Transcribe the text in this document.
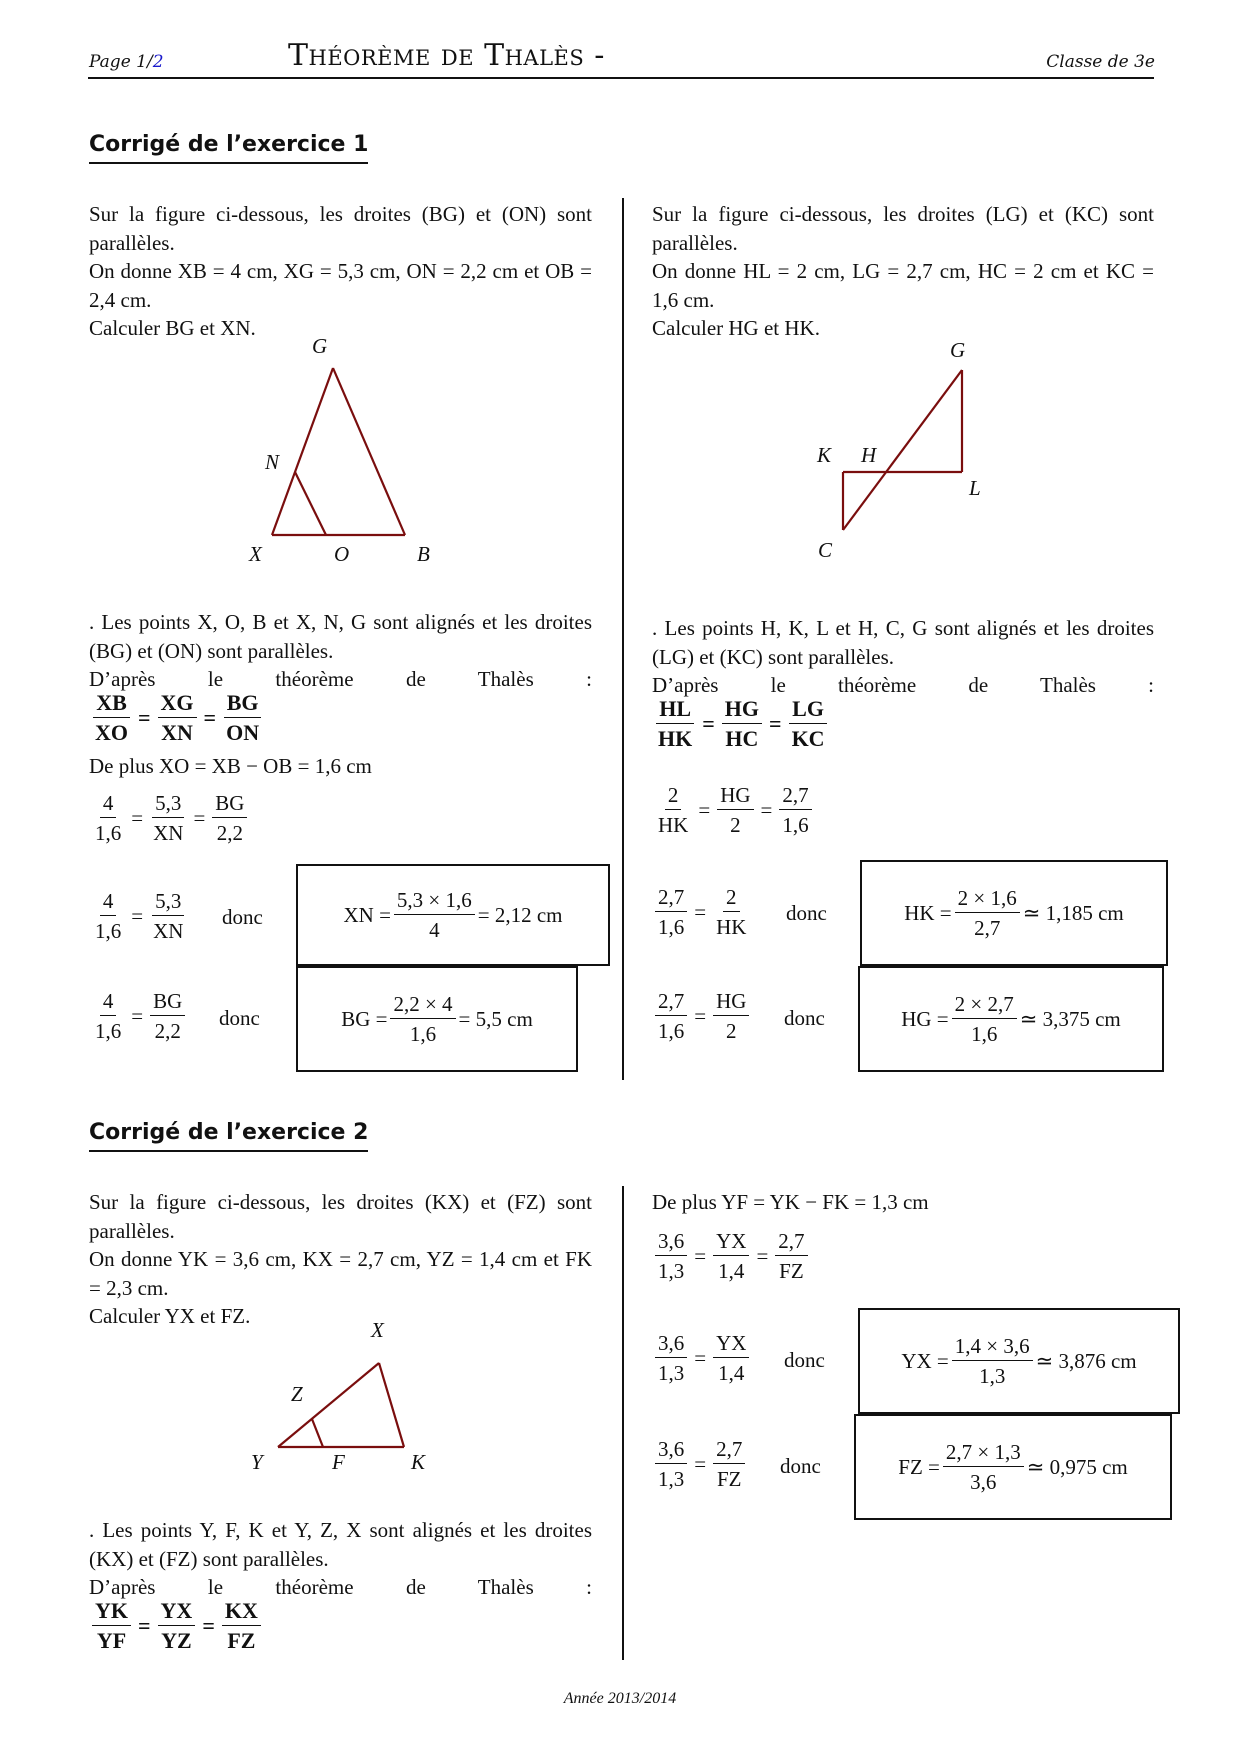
Page 1/2	Théorème de Thalès -	Classe de 3e
Corrigé de l’exercice 1

Sur la figure ci-dessous, les droites (BG) et (ON) sont parallèles.

On donne XB = 4 cm, XG = 5,3 cm, ON = 2,2 cm et OB = 2,4 cm.

Calculer BG et XN.

G
N
X	O	B

. Les points X, O, B et X, N, G sont alignés et les droites (BG) et (ON) sont parallèles.

D’après le théorème de Thalès :

$\frac{XB}{XO} = \frac{XG}{XN} = \frac{BG}{ON}$
De plus XO = XB − OB = 1,6 cm
$\frac{4}{1,6} = \frac{5,3}{XN} = \frac{BG}{2,2}$
$\frac{4}{1,6} = \frac{5,3}{XN}$ donc	XN = $\frac{5,3 \times 1,6}{4} = 2,12$ cm
$\frac{4}{1,6} = \frac{BG}{2,2}$ donc	BG = $\frac{2,2 \times 4}{1,6} = 5,5$ cm

Sur la figure ci-dessous, les droites (LG) et (KC) sont parallèles.

On donne HL = 2 cm, LG = 2,7 cm, HC = 2 cm et KC = 1,6 cm.

Calculer HG et HK.

G
K H
L
C

. Les points H, K, L et H, C, G sont alignés et les droites (LG) et (KC) sont parallèles.

D’après le théorème de Thalès :

$\frac{HL}{HK} = \frac{HG}{HC} = \frac{LG}{KC}$
$\frac{2}{HK} = \frac{HG}{2} = \frac{2,7}{1,6}$
$\frac{2,7}{1,6} = \frac{2}{HK}$ donc	HK = $\frac{2 \times 1,6}{2,7}$ ≃ 1,185 cm
$\frac{2,7}{1,6} = \frac{HG}{2}$ donc	HG = $\frac{2 \times 2,7}{1,6}$ ≃ 3,375 cm
Corrigé de l’exercice 2

Sur la figure ci-dessous, les droites (KX) et (FZ) sont parallèles.

On donne YK = 3,6 cm, KX = 2,7 cm, YZ = 1,4 cm et FK = 2,3 cm.

Calculer YX et FZ.

X
Z
Y	F	K

. Les points Y, F, K et Y, Z, X sont alignés et les droites (KX) et (FZ) sont parallèles.

D’après le théorème de Thalès :

$\frac{YK}{YF} = \frac{YX}{YZ} = \frac{KX}{FZ}$
De plus YF = YK − FK = 1,3 cm
$\frac{3,6}{1,3} = \frac{YX}{1,4} = \frac{2,7}{FZ}$
$\frac{3,6}{1,3} = \frac{YX}{1,4}$ donc	YX = $\frac{1,4 \times 3,6}{1,3}$ ≃ 3,876 cm
$\frac{3,6}{1,3} = \frac{2,7}{FZ}$ donc	FZ = $\frac{2,7 \times 1,3}{3,6}$ ≃ 0,975 cm
Année 2013/2014
